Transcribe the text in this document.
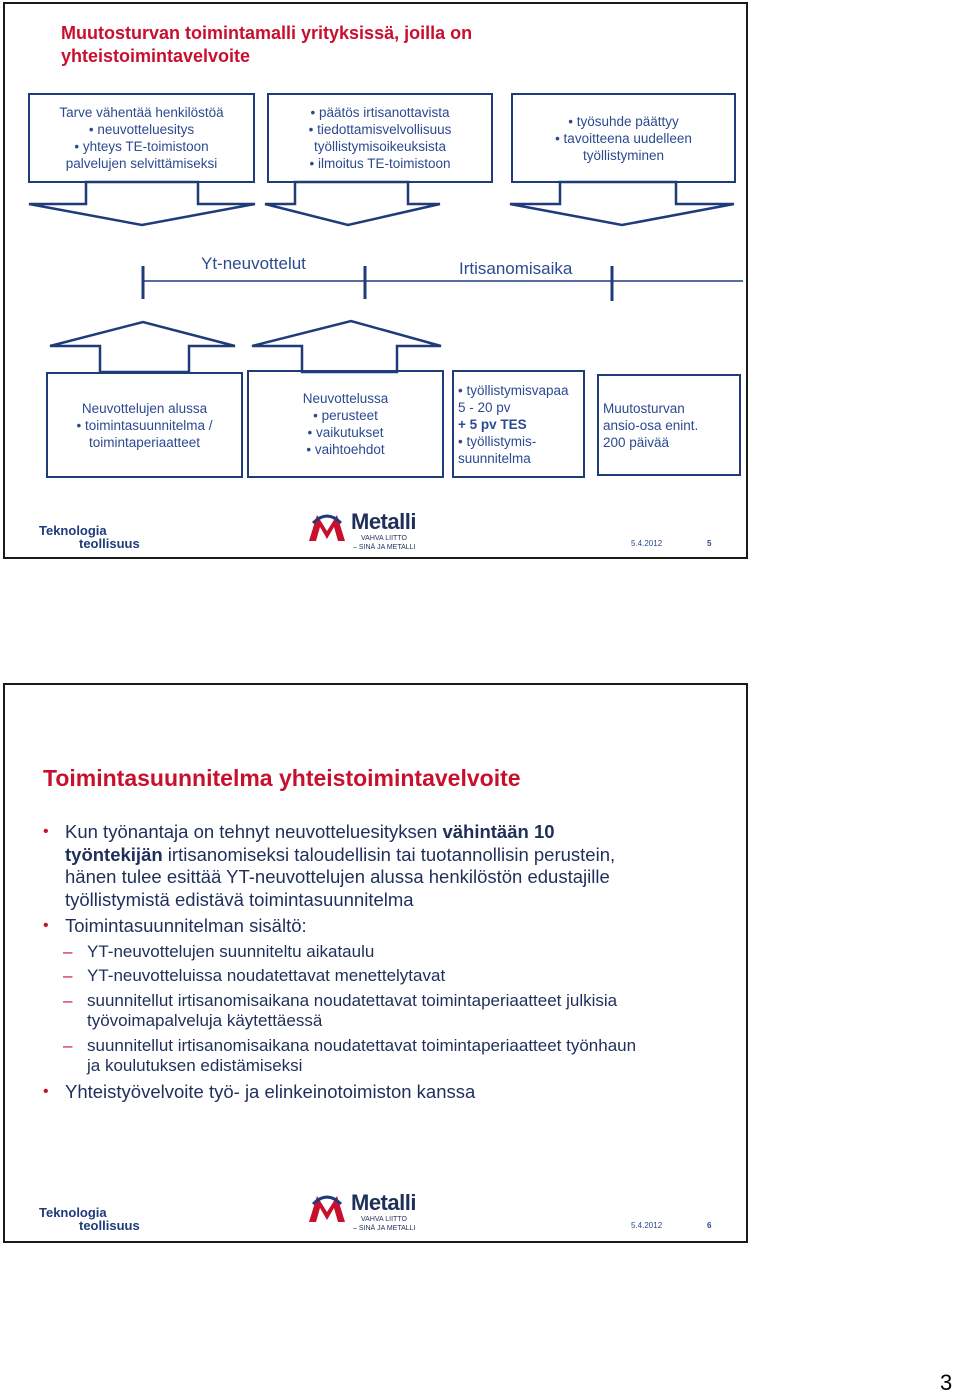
Muutosturvan toimintamalli yrityksissä, joilla on
yhteistoimintavelvoite
Tarve vähentää henkilöstöä
• neuvotteluesitys
• yhteys TE-toimistoon
palvelujen selvittämiseksi
• päätös irtisanottavista
• tiedottamisvelvollisuus
työllistymisoikeuksista
• ilmoitus TE-toimistoon
• työsuhde päättyy
• tavoitteena uudelleen
työllistyminen
Yt-neuvottelut	Irtisanomisaika
Neuvottelujen alussa
• toimintasuunnitelma /
toimintaperiaatteet
Neuvottelussa
• perusteet
• vaikutukset
• vaihtoehdot
• työllistymisvapaa
5 - 20 pv
+ 5 pv TES
• työllistymis-
suunnitelma
Muutosturvan
ansio-osa enint.
200 päivää
Teknologia
teollisuus
Metalli
VAHVA LIITTO
– SINÄ JA METALLI	5.4.2012	5
Toimintasuunnitelma yhteistoimintavelvoite
• Kun työnantaja on tehnyt neuvotteluesityksen vähintään 10 työntekijän irtisanomiseksi taloudellisin tai tuotannollisin perustein, hänen tulee esittää YT-neuvottelujen alussa henkilöstön edustajille työllistymistä edistävä toimintasuunnitelma
• Toimintasuunnitelman sisältö:
– YT-neuvottelujen suunniteltu aikataulu
– YT-neuvotteluissa noudatettavat menettelytavat
– suunnitellut irtisanomisaikana noudatettavat toimintaperiaatteet julkisia työvoimapalveluja käytettäessä
– suunnitellut irtisanomisaikana noudatettavat toimintaperiaatteet työnhaun ja koulutuksen edistämiseksi
• Yhteistyövelvoite työ- ja elinkeinotoimiston kanssa
Teknologia
teollisuus
Metalli
VAHVA LIITTO
– SINÄ JA METALLI	5.4.2012	6
3
